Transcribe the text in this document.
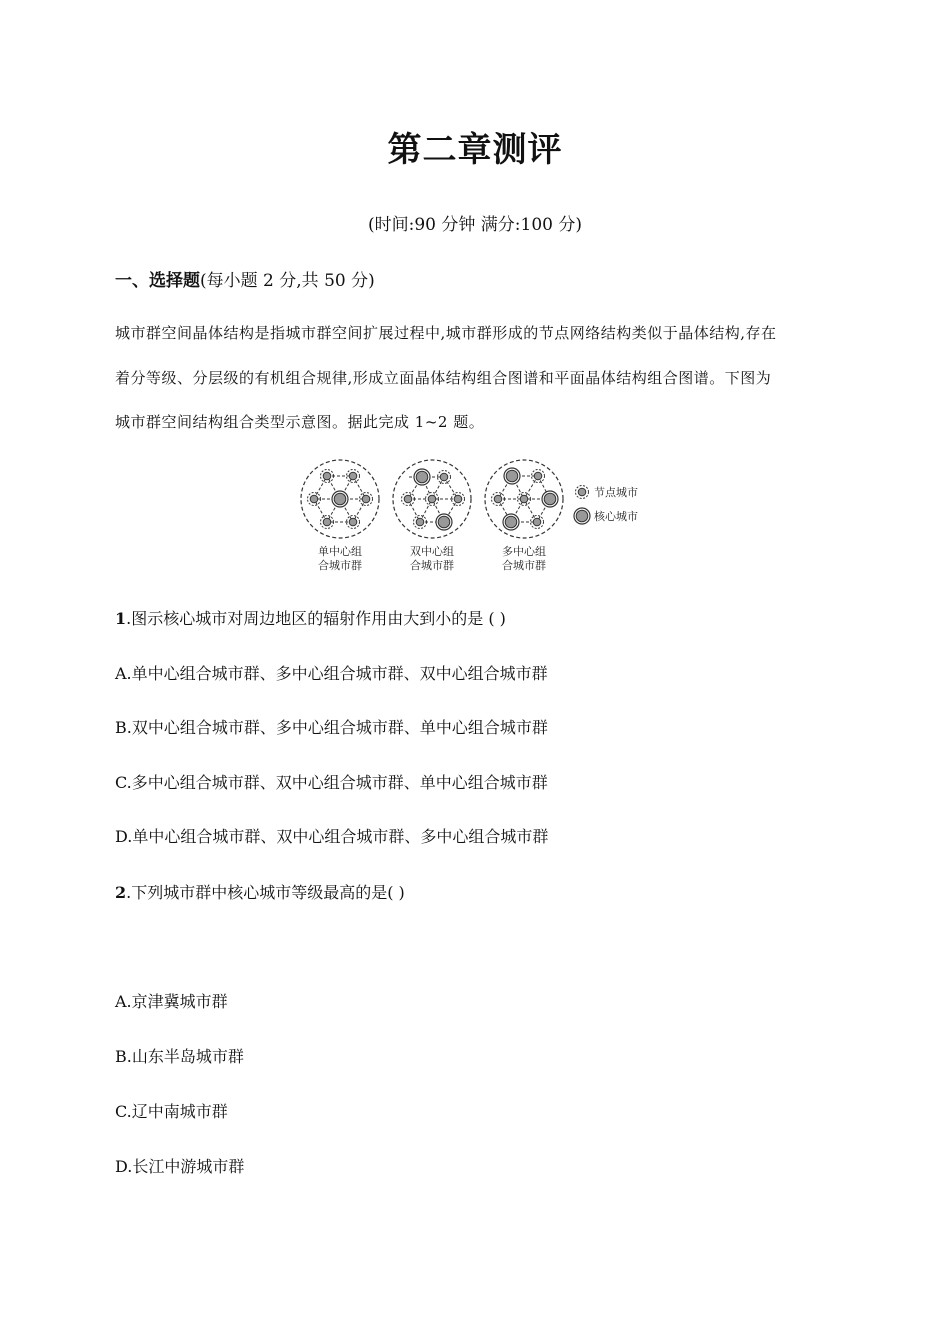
第二章测评
(时间:90 分钟 满分:100 分)
一、选择题(每小题 2 分,共 50 分)
城市群空间晶体结构是指城市群空间扩展过程中,城市群形成的节点网络结构类似于晶体结构,存在
着分等级、分层级的有机组合规律,形成立面晶体结构组合图谱和平面晶体结构组合图谱。下图为
城市群空间结构组合类型示意图。据此完成 1~2 题。
单中心组
合城市群
双中心组
合城市群
多中心组
合城市群
节点城市
核心城市
1.图示核心城市对周边地区的辐射作用由大到小的是 ( )
A.单中心组合城市群、多中心组合城市群、双中心组合城市群
B.双中心组合城市群、多中心组合城市群、单中心组合城市群
C.多中心组合城市群、双中心组合城市群、单中心组合城市群
D.单中心组合城市群、双中心组合城市群、多中心组合城市群
2.下列城市群中核心城市等级最高的是( )
A.京津冀城市群
B.山东半岛城市群
C.辽中南城市群
D.长江中游城市群
